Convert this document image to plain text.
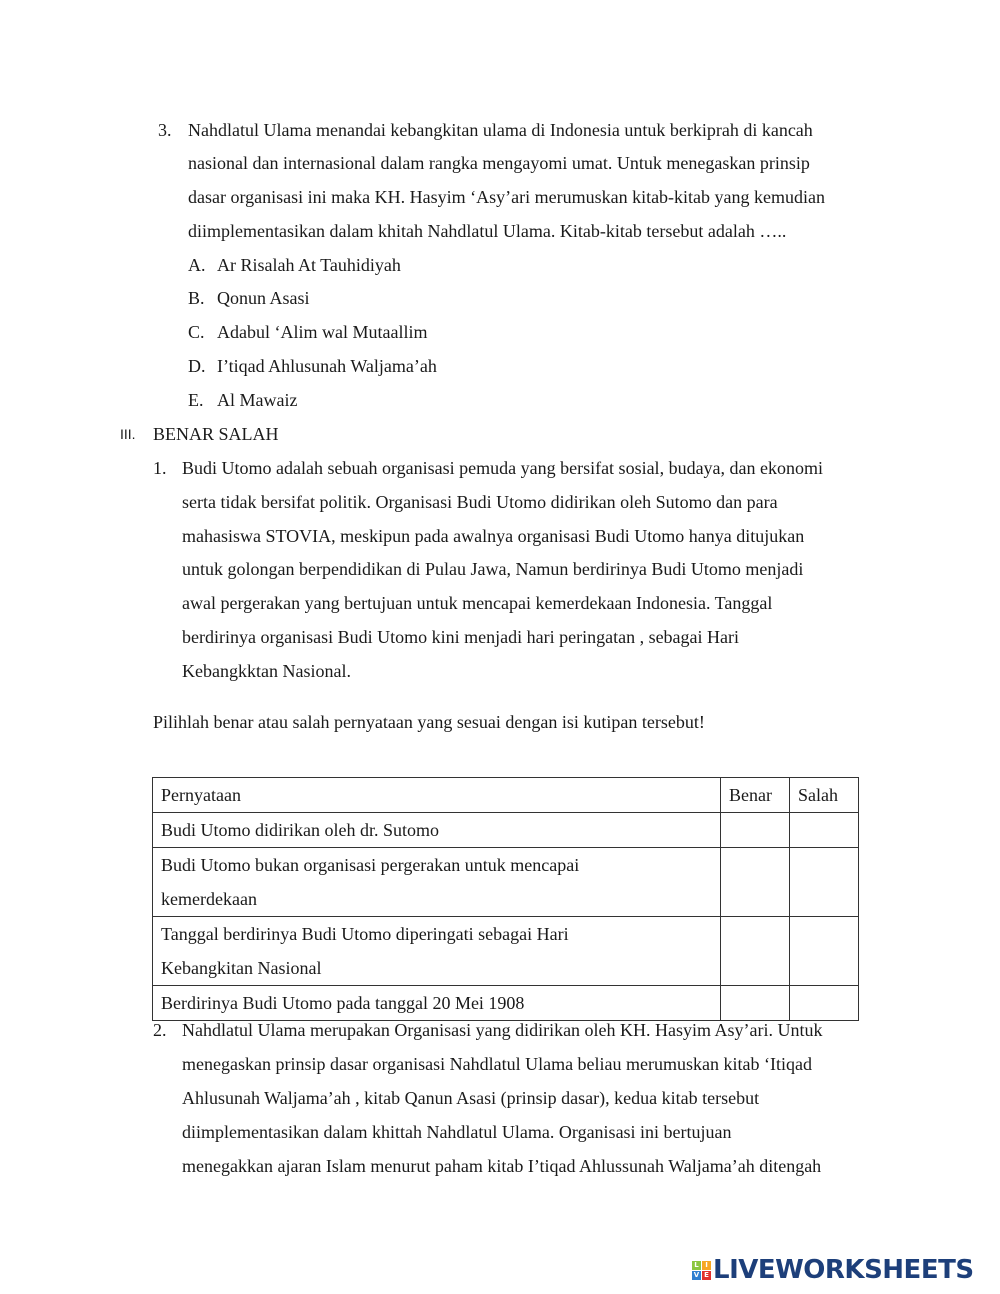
3. Nahdlatul Ulama menandai kebangkitan ulama di Indonesia untuk berkiprah di kancah
nasional dan internasional dalam rangka mengayomi umat. Untuk menegaskan prinsip
dasar organisasi ini maka KH. Hasyim ‘Asy’ari merumuskan kitab-kitab yang kemudian
diimplementasikan dalam khitah Nahdlatul Ulama. Kitab-kitab tersebut adalah …..
A. Ar Risalah At Tauhidiyah
B. Qonun Asasi
C. Adabul ‘Alim wal Mutaallim
D. I’tiqad Ahlusunah Waljama’ah
E. Al Mawaiz
III. BENAR SALAH
1. Budi Utomo adalah sebuah organisasi pemuda yang bersifat sosial, budaya, dan ekonomi
serta tidak bersifat politik. Organisasi Budi Utomo didirikan oleh Sutomo dan para
mahasiswa STOVIA, meskipun pada awalnya organisasi Budi Utomo hanya ditujukan
untuk golongan berpendidikan di Pulau Jawa, Namun berdirinya Budi Utomo menjadi
awal pergerakan yang bertujuan untuk mencapai kemerdekaan Indonesia. Tanggal
berdirinya organisasi Budi Utomo kini menjadi hari peringatan , sebagai Hari
Kebangkktan Nasional.
Pilihlah benar atau salah pernyataan yang sesuai dengan isi kutipan tersebut!
Pernyataan	Benar	Salah
Budi Utomo didirikan oleh dr. Sutomo		

Budi Utomo bukan organisasi pergerakan untuk mencapai
kemerdekaan		

Tanggal berdirinya Budi Utomo diperingati sebagai Hari
Kebangkitan Nasional		

Berdirinya Budi Utomo pada tanggal 20 Mei 1908		
2. Nahdlatul Ulama merupakan Organisasi yang didirikan oleh KH. Hasyim Asy’ari. Untuk
menegaskan prinsip dasar organisasi Nahdlatul Ulama beliau merumuskan kitab ‘Itiqad
Ahlusunah Waljama’ah , kitab Qanun Asasi (prinsip dasar), kedua kitab tersebut
diimplementasikan dalam khittah Nahdlatul Ulama. Organisasi ini bertujuan
menegakkan ajaran Islam menurut paham kitab I’tiqad Ahlussunah Waljama’ah ditengah
L I
V E LIVEWORKSHEETS
